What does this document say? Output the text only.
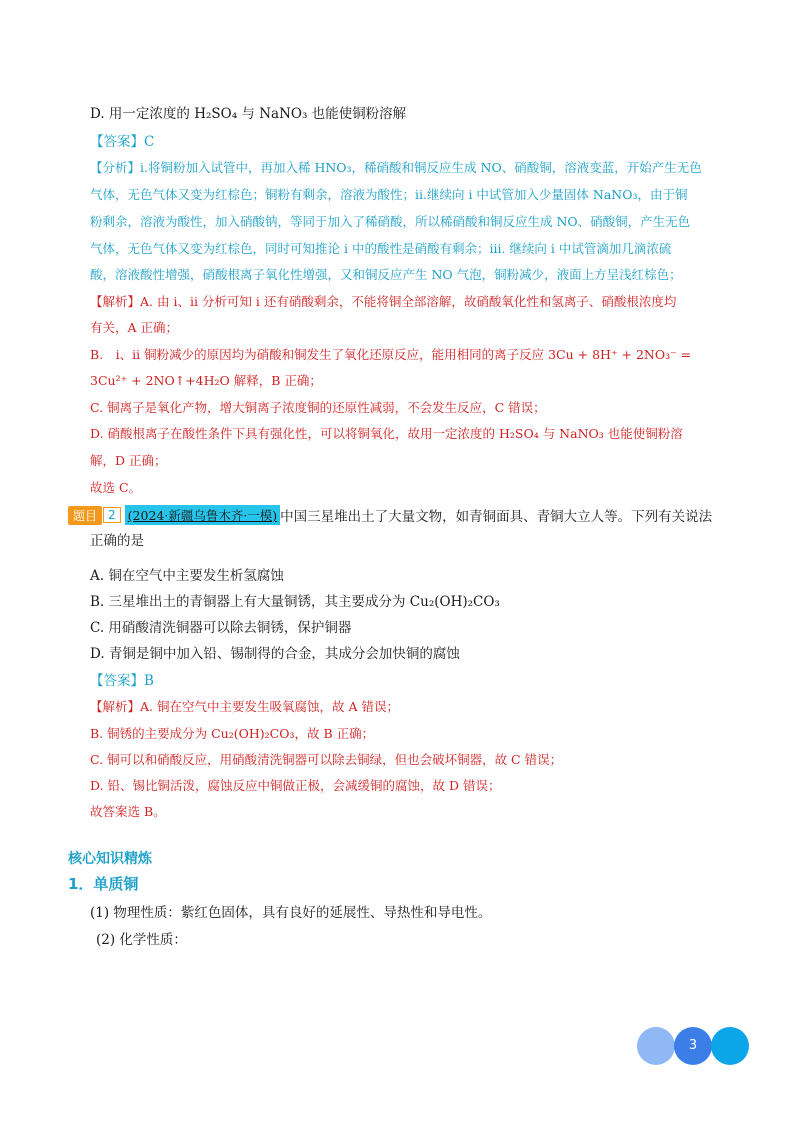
D. 用一定浓度的 H₂SO₄ 与 NaNO₃ 也能使铜粉溶解
【答案】C
【分析】i.将铜粉加入试管中，再加入稀 HNO₃，稀硝酸和铜反应生成 NO、硝酸铜，溶液变蓝，开始产生无色
气体，无色气体又变为红棕色；铜粉有剩余，溶液为酸性；ii.继续向 i 中试管加入少量固体 NaNO₃，由于铜
粉剩余，溶液为酸性，加入硝酸钠，等同于加入了稀硝酸，所以稀硝酸和铜反应生成 NO、硝酸铜，产生无色
气体，无色气体又变为红棕色，同时可知推论 i 中的酸性是硝酸有剩余；iii. 继续向 i 中试管滴加几滴浓硫
酸，溶液酸性增强，硝酸根离子氧化性增强，又和铜反应产生 NO 气泡，铜粉减少，液面上方呈浅红棕色；
【解析】A. 由 i、ii 分析可知 i 还有硝酸剩余，不能将铜全部溶解，故硝酸氧化性和氢离子、硝酸根浓度均
有关，A 正确；
B.　i、ii 铜粉减少的原因均为硝酸和铜发生了氧化还原反应，能用相同的离子反应 3Cu + 8H⁺ + 2NO₃⁻ =
3Cu²⁺ + 2NO↑+4H₂O 解释，B 正确；
C. 铜离子是氧化产物，增大铜离子浓度铜的还原性减弱，不会发生反应，C 错误；
D. 硝酸根离子在酸性条件下具有强化性，可以将铜氧化，故用一定浓度的 H₂SO₄ 与 NaNO₃ 也能使铜粉溶
解，D 正确；
故选 C。
题目 2 (2024·新疆乌鲁木齐·一模) 中国三星堆出土了大量文物，如青铜面具、青铜大立人等。下列有关说法
正确的是
A. 铜在空气中主要发生析氢腐蚀
B. 三星堆出土的青铜器上有大量铜锈，其主要成分为 Cu₂(OH)₂CO₃
C. 用硝酸清洗铜器可以除去铜锈，保护铜器
D. 青铜是铜中加入铅、锡制得的合金，其成分会加快铜的腐蚀
【答案】B
【解析】A. 铜在空气中主要发生吸氧腐蚀，故 A 错误；
B. 铜锈的主要成分为 Cu₂(OH)₂CO₃，故 B 正确；
C. 铜可以和硝酸反应，用硝酸清洗铜器可以除去铜绿，但也会破坏铜器，故 C 错误；
D. 铅、锡比铜活泼，腐蚀反应中铜做正极，会减缓铜的腐蚀，故 D 错误；
故答案选 B。
核心知识精炼
1．单质铜
(1) 物理性质：紫红色固体，具有良好的延展性、导热性和导电性。
(2) 化学性质：
3
